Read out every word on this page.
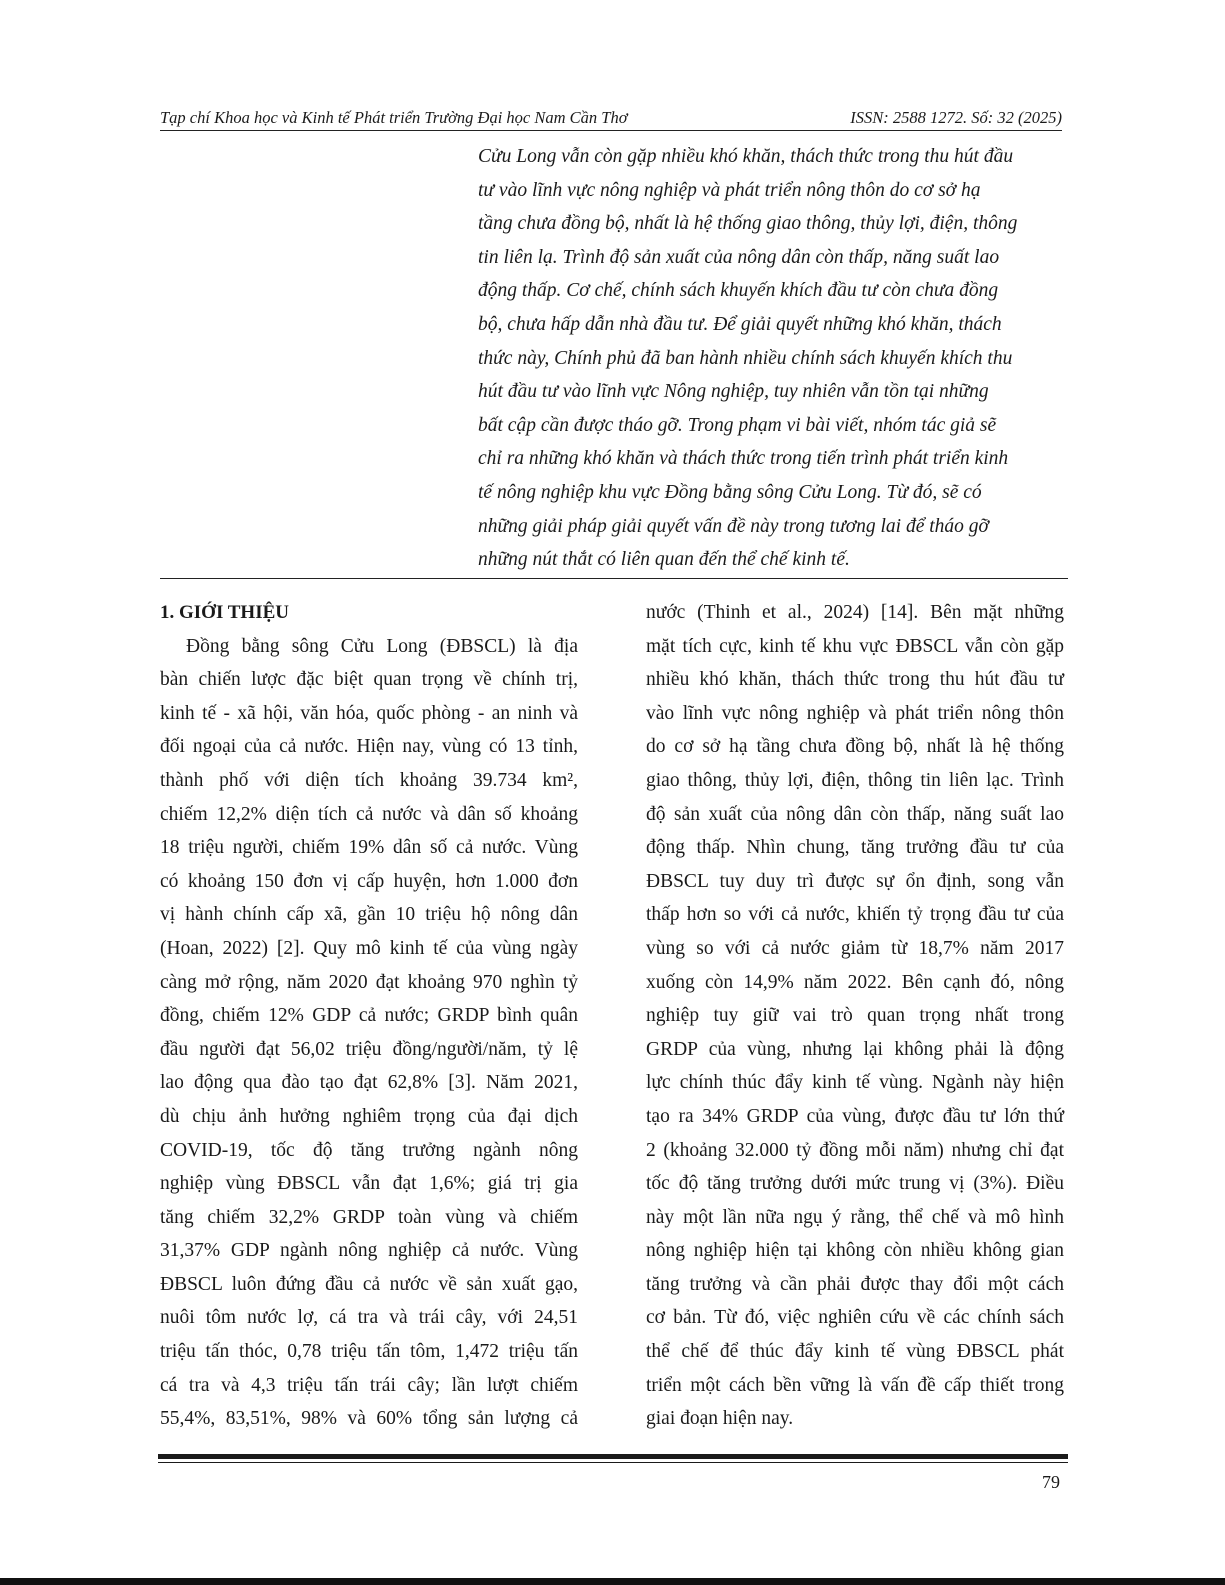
Tạp chí Khoa học và Kinh tế Phát triển Trường Đại học Nam Cần Thơ	ISSN: 2588 1272. Số: 32 (2025)
Cửu Long vẫn còn gặp nhiều khó khăn, thách thức trong thu hút đầu
tư vào lĩnh vực nông nghiệp và phát triển nông thôn do cơ sở hạ
tầng chưa đồng bộ, nhất là hệ thống giao thông, thủy lợi, điện, thông
tin liên lạ. Trình độ sản xuất của nông dân còn thấp, năng suất lao
động thấp. Cơ chế, chính sách khuyến khích đầu tư còn chưa đồng
bộ, chưa hấp dẫn nhà đầu tư. Để giải quyết những khó khăn, thách
thức này, Chính phủ đã ban hành nhiều chính sách khuyến khích thu
hút đầu tư vào lĩnh vực Nông nghiệp, tuy nhiên vẫn tồn tại những
bất cập cần được tháo gỡ. Trong phạm vi bài viết, nhóm tác giả sẽ
chỉ ra những khó khăn và thách thức trong tiến trình phát triển kinh
tế nông nghiệp khu vực Đồng bằng sông Cửu Long. Từ đó, sẽ có
những giải pháp giải quyết vấn đề này trong tương lai để tháo gỡ
những nút thắt có liên quan đến thể chế kinh tế.
1. GIỚI THIỆU
Đồng bằng sông Cửu Long (ĐBSCL) là địa
bàn chiến lược đặc biệt quan trọng về chính trị,
kinh tế - xã hội, văn hóa, quốc phòng - an ninh và
đối ngoại của cả nước. Hiện nay, vùng có 13 tỉnh,
thành phố với diện tích khoảng 39.734 km²,
chiếm 12,2% diện tích cả nước và dân số khoảng
18 triệu người, chiếm 19% dân số cả nước. Vùng
có khoảng 150 đơn vị cấp huyện, hơn 1.000 đơn
vị hành chính cấp xã, gần 10 triệu hộ nông dân
(Hoan, 2022) [2]. Quy mô kinh tế của vùng ngày
càng mở rộng, năm 2020 đạt khoảng 970 nghìn tỷ
đồng, chiếm 12% GDP cả nước; GRDP bình quân
đầu người đạt 56,02 triệu đồng/người/năm, tỷ lệ
lao động qua đào tạo đạt 62,8% [3]. Năm 2021,
dù chịu ảnh hưởng nghiêm trọng của đại dịch
COVID-19, tốc độ tăng trưởng ngành nông
nghiệp vùng ĐBSCL vẫn đạt 1,6%; giá trị gia
tăng chiếm 32,2% GRDP toàn vùng và chiếm
31,37% GDP ngành nông nghiệp cả nước. Vùng
ĐBSCL luôn đứng đầu cả nước về sản xuất gạo,
nuôi tôm nước lợ, cá tra và trái cây, với 24,51
triệu tấn thóc, 0,78 triệu tấn tôm, 1,472 triệu tấn
cá tra và 4,3 triệu tấn trái cây; lần lượt chiếm
55,4%, 83,51%, 98% và 60% tổng sản lượng cả
nước (Thinh et al., 2024) [14]. Bên mặt những
mặt tích cực, kinh tế khu vực ĐBSCL vẫn còn gặp
nhiều khó khăn, thách thức trong thu hút đầu tư
vào lĩnh vực nông nghiệp và phát triển nông thôn
do cơ sở hạ tầng chưa đồng bộ, nhất là hệ thống
giao thông, thủy lợi, điện, thông tin liên lạc. Trình
độ sản xuất của nông dân còn thấp, năng suất lao
động thấp. Nhìn chung, tăng trưởng đầu tư của
ĐBSCL tuy duy trì được sự ổn định, song vẫn
thấp hơn so với cả nước, khiến tỷ trọng đầu tư của
vùng so với cả nước giảm từ 18,7% năm 2017
xuống còn 14,9% năm 2022. Bên cạnh đó, nông
nghiệp tuy giữ vai trò quan trọng nhất trong
GRDP của vùng, nhưng lại không phải là động
lực chính thúc đẩy kinh tế vùng. Ngành này hiện
tạo ra 34% GRDP của vùng, được đầu tư lớn thứ
2 (khoảng 32.000 tỷ đồng mỗi năm) nhưng chỉ đạt
tốc độ tăng trưởng dưới mức trung vị (3%). Điều
này một lần nữa ngụ ý rằng, thể chế và mô hình
nông nghiệp hiện tại không còn nhiều không gian
tăng trưởng và cần phải được thay đổi một cách
cơ bản. Từ đó, việc nghiên cứu về các chính sách
thể chế để thúc đẩy kinh tế vùng ĐBSCL phát
triển một cách bền vững là vấn đề cấp thiết trong
giai đoạn hiện nay.
79
